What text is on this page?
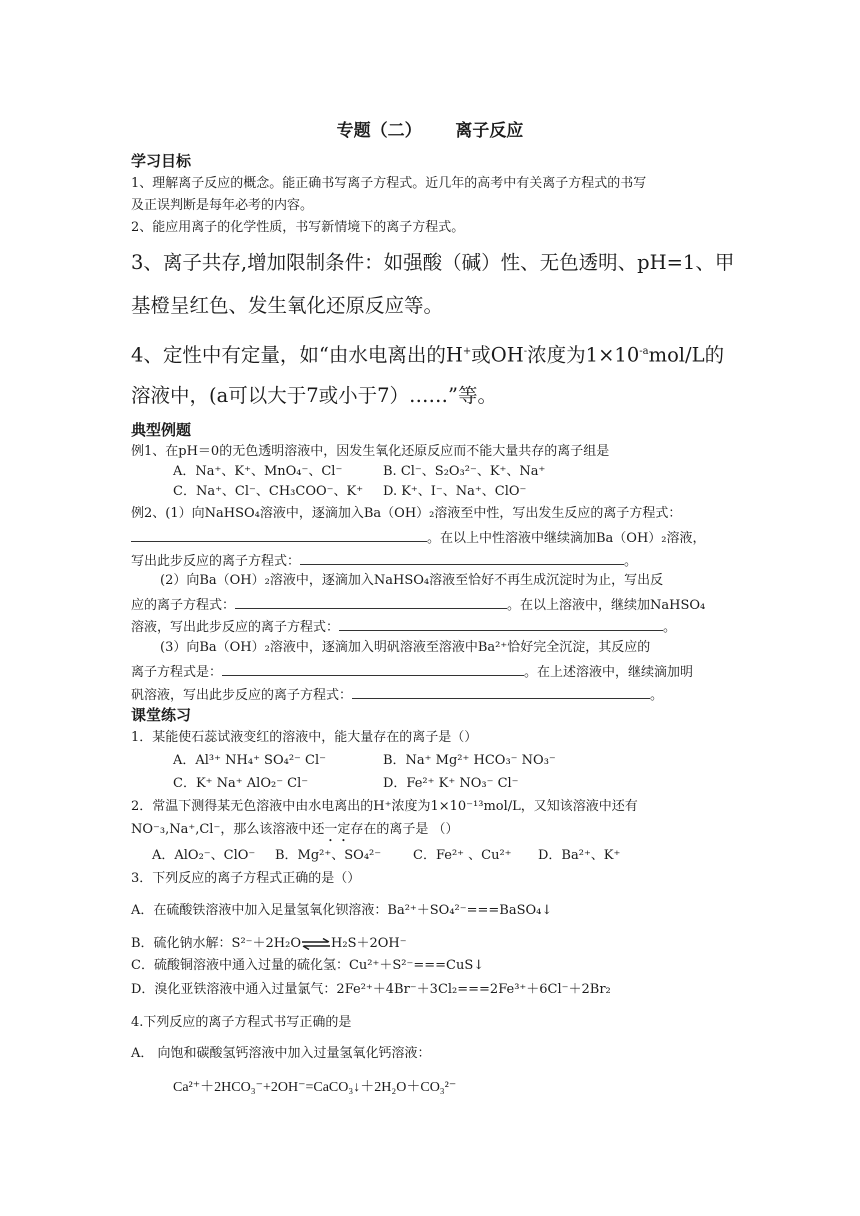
专题（二） 离子反应
学习目标
1、理解离子反应的概念。能正确书写离子方程式。近几年的高考中有关离子方程式的书写
及正误判断是每年必考的内容。
2、能应用离子的化学性质，书写新情境下的离子方程式。
3、离子共存,增加限制条件：如强酸（碱）性、无色透明、pH=1、甲
基橙呈红色、发生氧化还原反应等。
4、定性中有定量，如“由水电离出的H+或OH-浓度为$1\times 10^{-a}mol/L$的
溶液中，(a可以大于7或小于7）……”等。
典型例题
例1、在pH＝0的无色透明溶液中，因发生氧化还原反应而不能大量共存的离子组是
A．Na⁺、K⁺、MnO₄⁻、Cl⁻	B. Cl⁻、S₂O₃²⁻、K⁺、Na⁺
C．Na⁺、Cl⁻、CH₃COO⁻、K⁺ D. K⁺、I⁻、Na⁺、ClO⁻
例2、(1）向NaHSO₄溶液中，逐滴加入Ba（OH）₂溶液至中性，写出发生反应的离子方程式：
。在以上中性溶液中继续滴加Ba（OH）₂溶液，
写出此步反应的离子方程式：	。
(2）向Ba（OH）₂溶液中，逐滴加入NaHSO₄溶液至恰好不再生成沉淀时为止，写出反
应的离子方程式：	。在以上溶液中，继续加NaHSO₄
溶液，写出此步反应的离子方程式：	。
(3）向Ba（OH）₂溶液中，逐滴加入明矾溶液至溶液中Ba²⁺恰好完全沉淀，其反应的
离子方程式是：	。在上述溶液中，继续滴加明
矾溶液，写出此步反应的离子方程式：	。
课堂练习
1．某能使石蕊试液变红的溶液中，能大量存在的离子是（）
A．Al³⁺ NH₄⁺ SO₄²⁻ Cl⁻	B．Na⁺ Mg²⁺ HCO₃⁻ NO₃⁻
C．K⁺ Na⁺ AlO₂⁻ Cl⁻	D．Fe²⁺ K⁺ NO₃⁻ Cl⁻
2．常温下测得某无色溶液中由水电离出的H⁺浓度为1×10⁻¹³mol/L，又知该溶液中还有
NO⁻₃,Na⁺,Cl⁻，那么该溶液中还一定存在的离子是 （）
A．AlO₂⁻、ClO⁻ B．Mg²⁺、SO₄²⁻ C．Fe²⁺ 、Cu²⁺ D．Ba²⁺、K⁺
3．下列反应的离子方程式正确的是（）
A．在硫酸铁溶液中加入足量氢氧化钡溶液：Ba²⁺＋SO₄²⁻===BaSO₄↓
B．硫化钠水解：S²⁻＋2H₂O⇌H₂S＋2OH⁻
C．硫酸铜溶液中通入过量的硫化氢：Cu²⁺＋S²⁻===CuS↓
D．溴化亚铁溶液中通入过量氯气：2Fe²⁺＋4Br⁻＋3Cl₂===2Fe³⁺＋6Cl⁻＋2Br₂
4.下列反应的离子方程式书写正确的是
A． 向饱和碳酸氢钙溶液中加入过量氢氧化钙溶液：
Ca²⁺＋2HCO₃⁻+2OH⁻=CaCO₃↓＋2H₂O＋CO₃²⁻
